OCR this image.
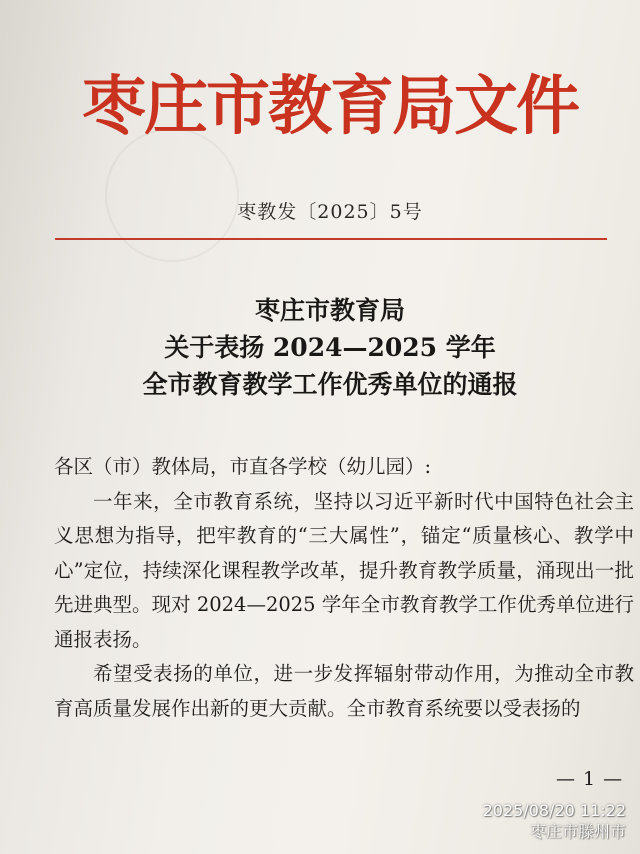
枣庄市教育局文件
枣教发〔2025〕5号
枣庄市教育局
关于表扬 2024—2025 学年
全市教育教学工作优秀单位的通报

各区（市）教体局，市直各学校（幼儿园）:

一年来，全市教育系统，坚持以习近平新时代中国特色社会主义思想为指导，把牢教育的“三大属性”，锚定“质量核心、教学中心”定位，持续深化课程教学改革，提升教育教学质量，涌现出一批先进典型。现对 2024—2025 学年全市教育教学工作优秀单位进行通报表扬。

希望受表扬的单位，进一步发挥辐射带动作用，为推动全市教育高质量发展作出新的更大贡献。全市教育系统要以受表扬的

— 1 —
2025/08/20 11:22
枣庄市滕州市
